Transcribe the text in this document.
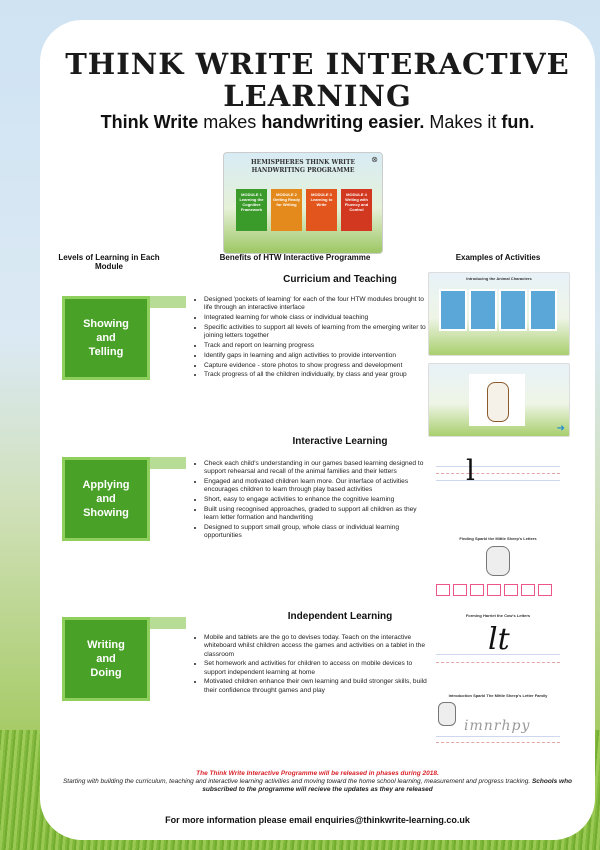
THINK WRITE INTERACTIVE
LEARNING
Think Write makes handwriting easier. Makes it fun.
⊗
HEMISPHERES THINK WRITE
HANDWRITING PROGRAMME
MODULE 1 Learning the Cognitive Framework
MODULE 2 Getting Ready for Writing
MODULE 3 Learning to Write
MODULE 4 Writing with Fluency and Control
Levels of Learning in Each Module
Benefits of HTW Interactive Programme	Examples of Activities
Curricium and Teaching
Showing
and
Telling
• Designed 'pockets of learning' for each of the four HTW modules brought to life through an interactive interface
• Integrated learning for whole class or individual teaching
• Specific activities to support all levels of learning from the emerging writer to joining letters together
• Track and report on learning progress
• Identify gaps in learning and align activities to provide intervention
• Capture evidence - store photos to show progress and development
• Track progress of all the children individually, by class and year group
Introducing the Animal Characters
➜
Interactive Learning
Applying
and
Showing
• Check each child's understanding in our games based learning designed to support rehearsal and recall of the animal families and their letters
• Engaged and motivated children learn more. Our interface of activities encourages children to learn through play based activities
• Short, easy to engage activities to enhance the cognitive learning
• Built using recognised approaches, graded to support all children as they learn letter formation and handwriting
• Designed to support small group, whole class or individual learning opportunities
l
Finding Sparkl the Mittle Sheep's Letters
Independent Learning
Writing
and
Doing
• Mobile and tablets are the go to devises today. Teach on the interactive whiteboard whilst children access the games and activities on a tablet in the classroom
• Set homework and activities for children to access on mobile devices to support independent learning at home
• Motivated children enhance their own learning and build stronger skills, build their confidence throught games and play
Forming Harriet the Cow's Letters
lt
Introduction Sparkl The Mittle Sheep's Letter Family
imnrhpy
The Think Write Interactive Programme will be released in phases during 2018.
Starting with building the curriculum, teaching and interactive learning activities and moving toward the home school learning, measurement and progress tracking. Schools who subscribed to the programme will recieve the updates as they are released
For more information please email enquiries@thinkwrite-learning.co.uk
